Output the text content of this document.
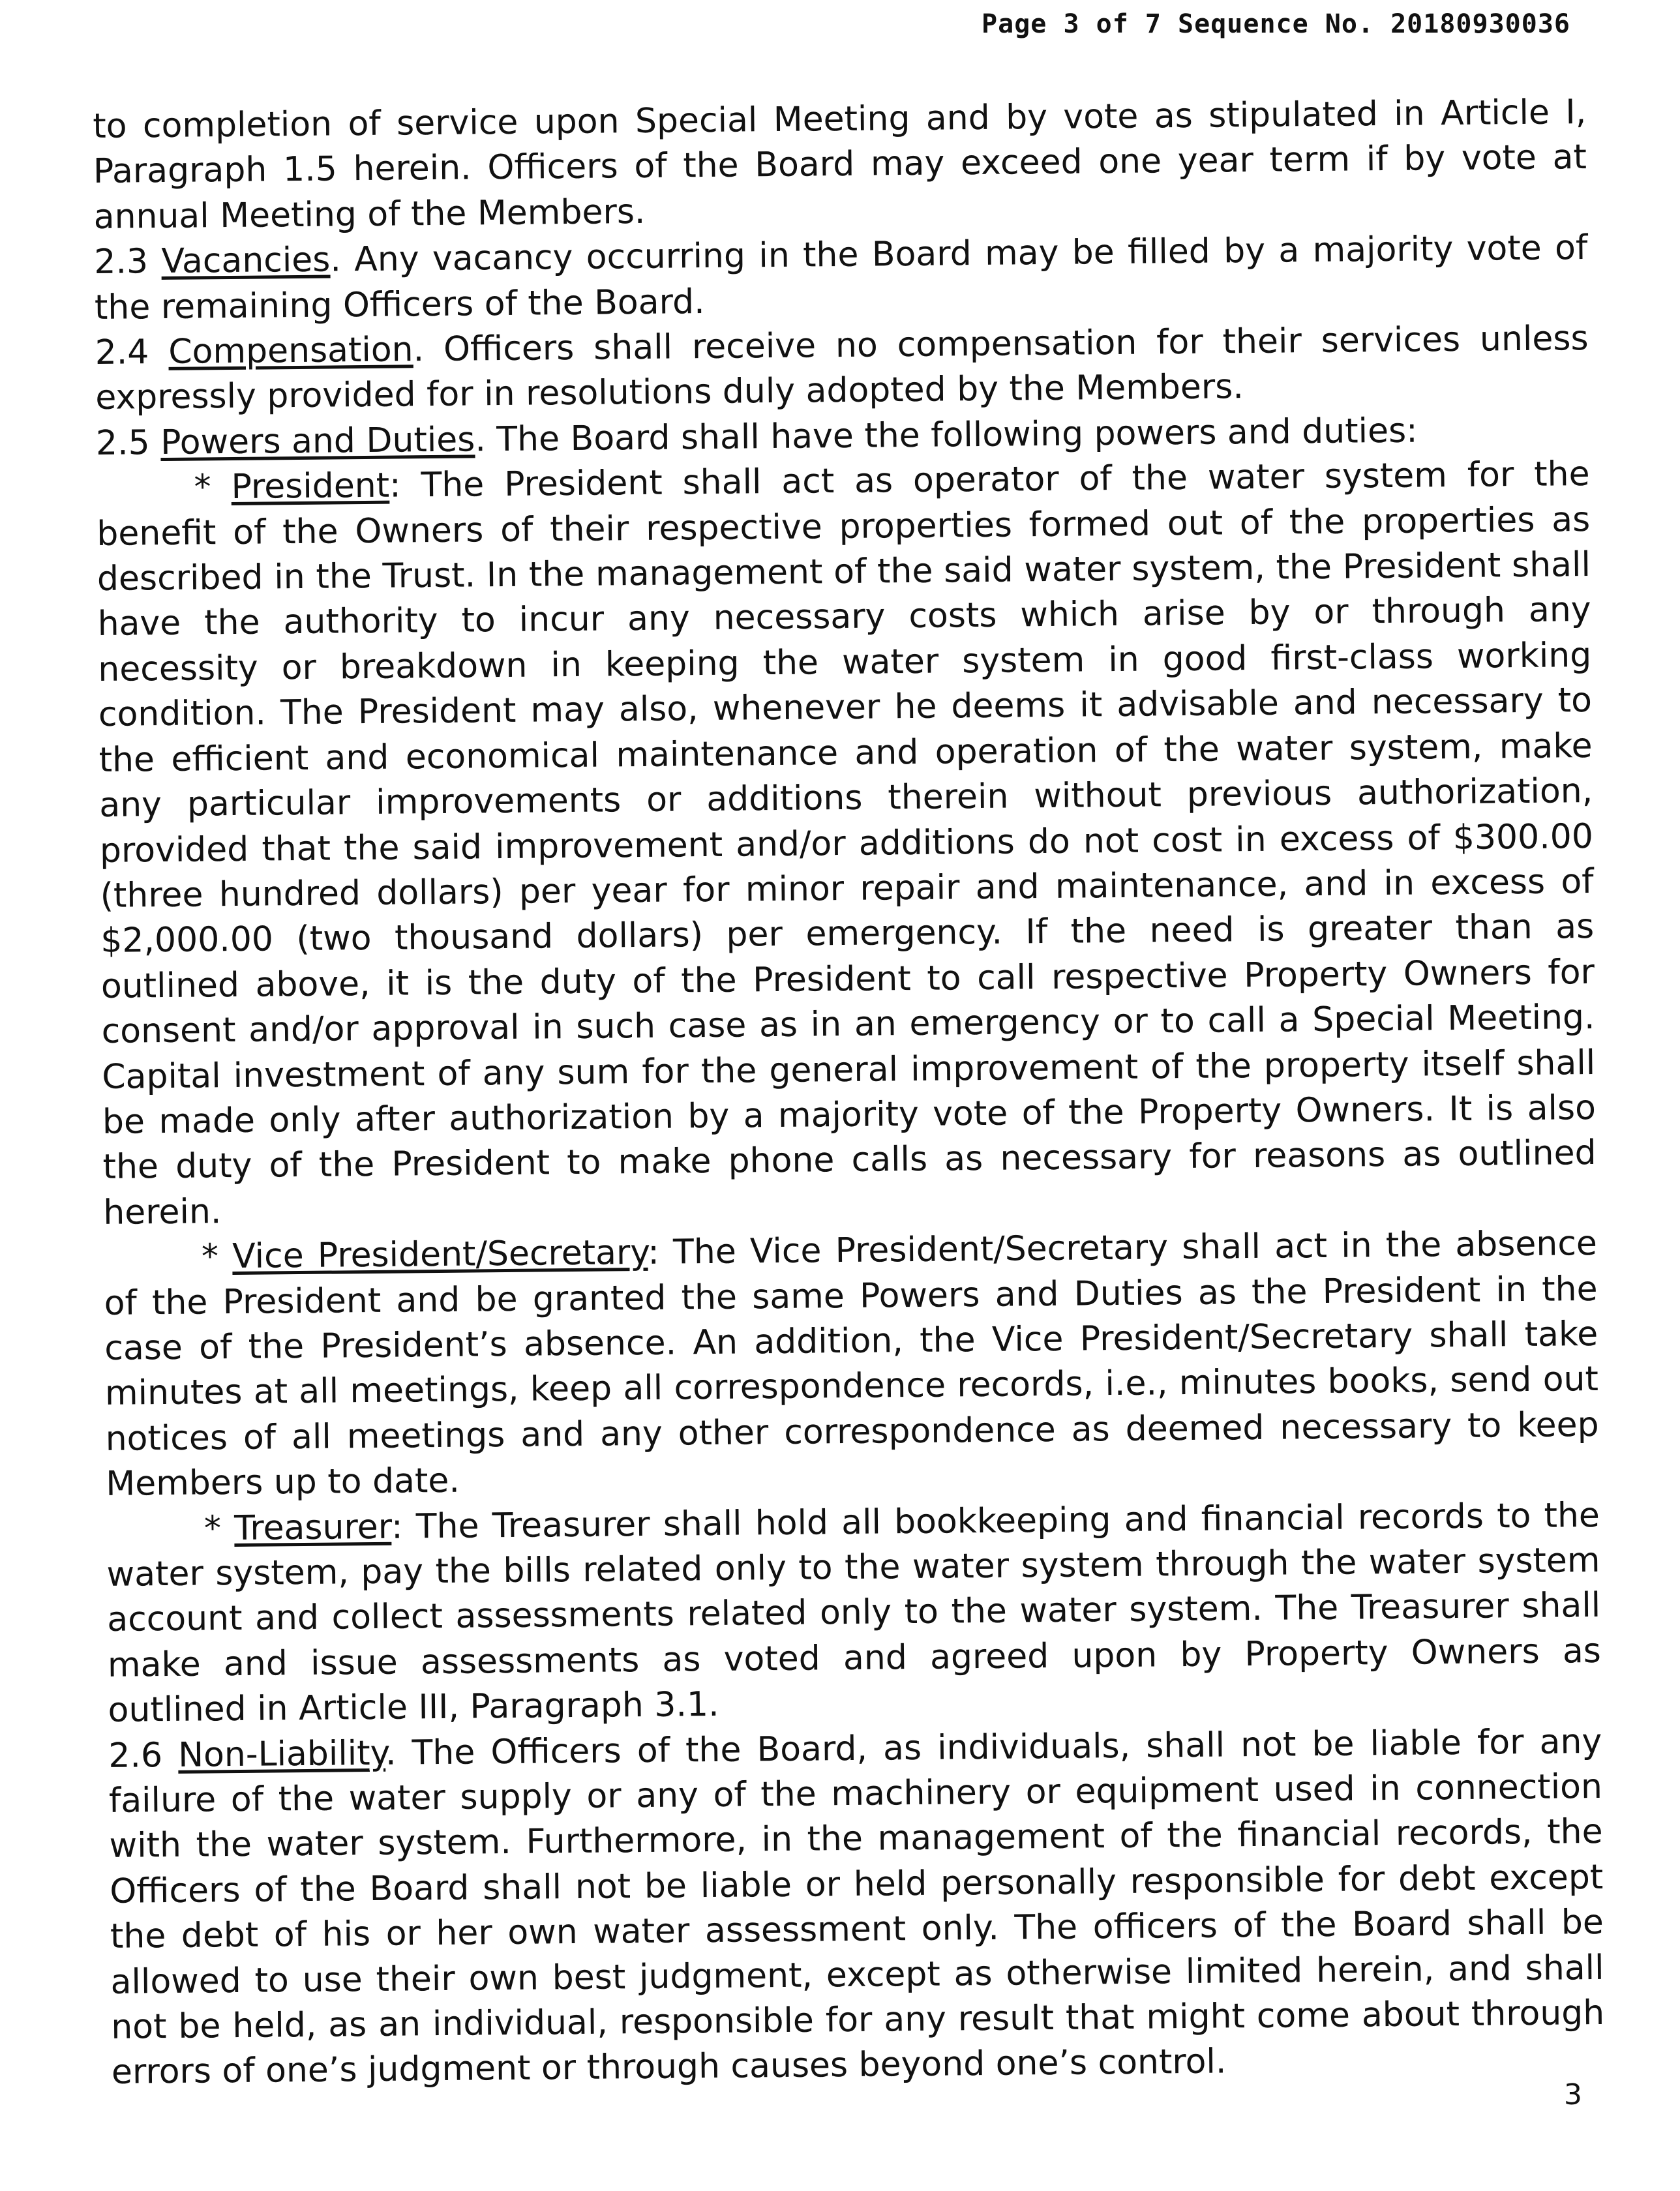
Page 3 of 7 Sequence No. 20180930036

to completion of service upon Special Meeting and by vote as stipulated in Article I, Paragraph 1.5 herein. Officers of the Board may exceed one year term if by vote at annual Meeting of the Members.

2.3 Vacancies. Any vacancy occurring in the Board may be filled by a majority vote of the remaining Officers of the Board.

2.4 Compensation. Officers shall receive no compensation for their services unless expressly provided for in resolutions duly adopted by the Members.

2.5 Powers and Duties. The Board shall have the following powers and duties:

* President: The President shall act as operator of the water system for the benefit of the Owners of their respective properties formed out of the properties as described in the Trust. In the management of the said water system, the President shall have the authority to incur any necessary costs which arise by or through any necessity or breakdown in keeping the water system in good first-class working condition. The President may also, whenever he deems it advisable and necessary to the efficient and economical maintenance and operation of the water system, make any particular improvements or additions therein without previous authorization, provided that the said improvement and/or additions do not cost in excess of $300.00 (three hundred dollars) per year for minor repair and maintenance, and in excess of $2,000.00 (two thousand dollars) per emergency. If the need is greater than as outlined above, it is the duty of the President to call respective Property Owners for consent and/or approval in such case as in an emergency or to call a Special Meeting. Capital investment of any sum for the general improvement of the property itself shall be made only after authorization by a majority vote of the Property Owners. It is also the duty of the President to make phone calls as necessary for reasons as outlined herein.

* Vice President/Secretary: The Vice President/Secretary shall act in the absence of the President and be granted the same Powers and Duties as the President in the case of the President’s absence. An addition, the Vice President/Secretary shall take minutes at all meetings, keep all correspondence records, i.e., minutes books, send out notices of all meetings and any other correspondence as deemed necessary to keep Members up to date.

* Treasurer: The Treasurer shall hold all bookkeeping and financial records to the water system, pay the bills related only to the water system through the water system account and collect assessments related only to the water system. The Treasurer shall make and issue assessments as voted and agreed upon by Property Owners as outlined in Article III, Paragraph 3.1.

2.6 Non-Liability. The Officers of the Board, as individuals, shall not be liable for any failure of the water supply or any of the machinery or equipment used in connection with the water system. Furthermore, in the management of the financial records, the Officers of the Board shall not be liable or held personally responsible for debt except the debt of his or her own water assessment only. The officers of the Board shall be allowed to use their own best judgment, except as otherwise limited herein, and shall not be held, as an individual, responsible for any result that might come about through errors of one’s judgment or through causes beyond one’s control.

3
